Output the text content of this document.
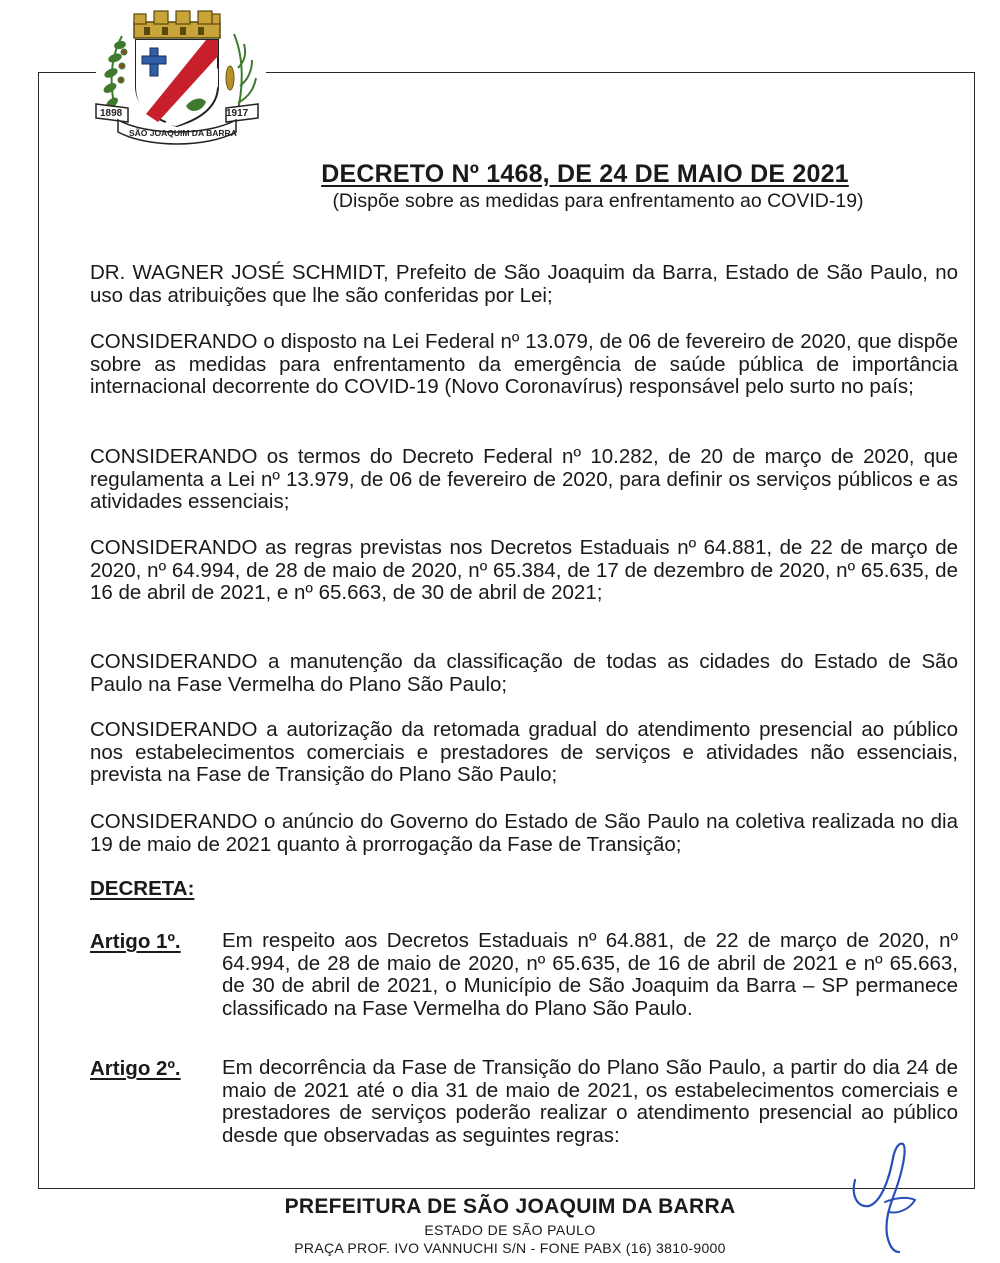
1898	1917
SÃO JOAQUIM DA BARRA
DECRETO Nº 1468, DE 24 DE MAIO DE 2021
(Dispõe sobre as medidas para enfrentamento ao COVID-19)

DR. WAGNER JOSÉ SCHMIDT, Prefeito de São Joaquim da Barra, Estado de São Paulo, no uso das atribuições que lhe são conferidas por Lei;

CONSIDERANDO o disposto na Lei Federal nº 13.079, de 06 de fevereiro de 2020, que dispõe sobre as medidas para enfrentamento da emergência de saúde pública de importância internacional decorrente do COVID-19 (Novo Coronavírus) responsável pelo surto no país;

CONSIDERANDO os termos do Decreto Federal nº 10.282, de 20 de março de 2020, que regulamenta a Lei nº 13.979, de 06 de fevereiro de 2020, para definir os serviços públicos e as atividades essenciais;

CONSIDERANDO as regras previstas nos Decretos Estaduais nº 64.881, de 22 de março de 2020, nº 64.994, de 28 de maio de 2020, nº 65.384, de 17 de dezembro de 2020, nº 65.635, de 16 de abril de 2021, e nº 65.663, de 30 de abril de 2021;

CONSIDERANDO a manutenção da classificação de todas as cidades do Estado de São Paulo na Fase Vermelha do Plano São Paulo;

CONSIDERANDO a autorização da retomada gradual do atendimento presencial ao público nos estabelecimentos comerciais e prestadores de serviços e atividades não essenciais, prevista na Fase de Transição do Plano São Paulo;

CONSIDERANDO o anúncio do Governo do Estado de São Paulo na coletiva realizada no dia 19 de maio de 2021 quanto à prorrogação da Fase de Transição;

DECRETA:

Artigo 1º. Em respeito aos Decretos Estaduais nº 64.881, de 22 de março de 2020, nº 64.994, de 28 de maio de 2020, nº 65.635, de 16 de abril de 2021 e nº 65.663, de 30 de abril de 2021, o Município de São Joaquim da Barra – SP permanece classificado na Fase Vermelha do Plano São Paulo.

Artigo 2º. Em decorrência da Fase de Transição do Plano São Paulo, a partir do dia 24 de maio de 2021 até o dia 31 de maio de 2021, os estabelecimentos comerciais e prestadores de serviços poderão realizar o atendimento presencial ao público desde que observadas as seguintes regras:

PREFEITURA DE SÃO JOAQUIM DA BARRA
ESTADO DE SÃO PAULO
PRAÇA PROF. IVO VANNUCHI S/N - FONE PABX (16) 3810-9000
